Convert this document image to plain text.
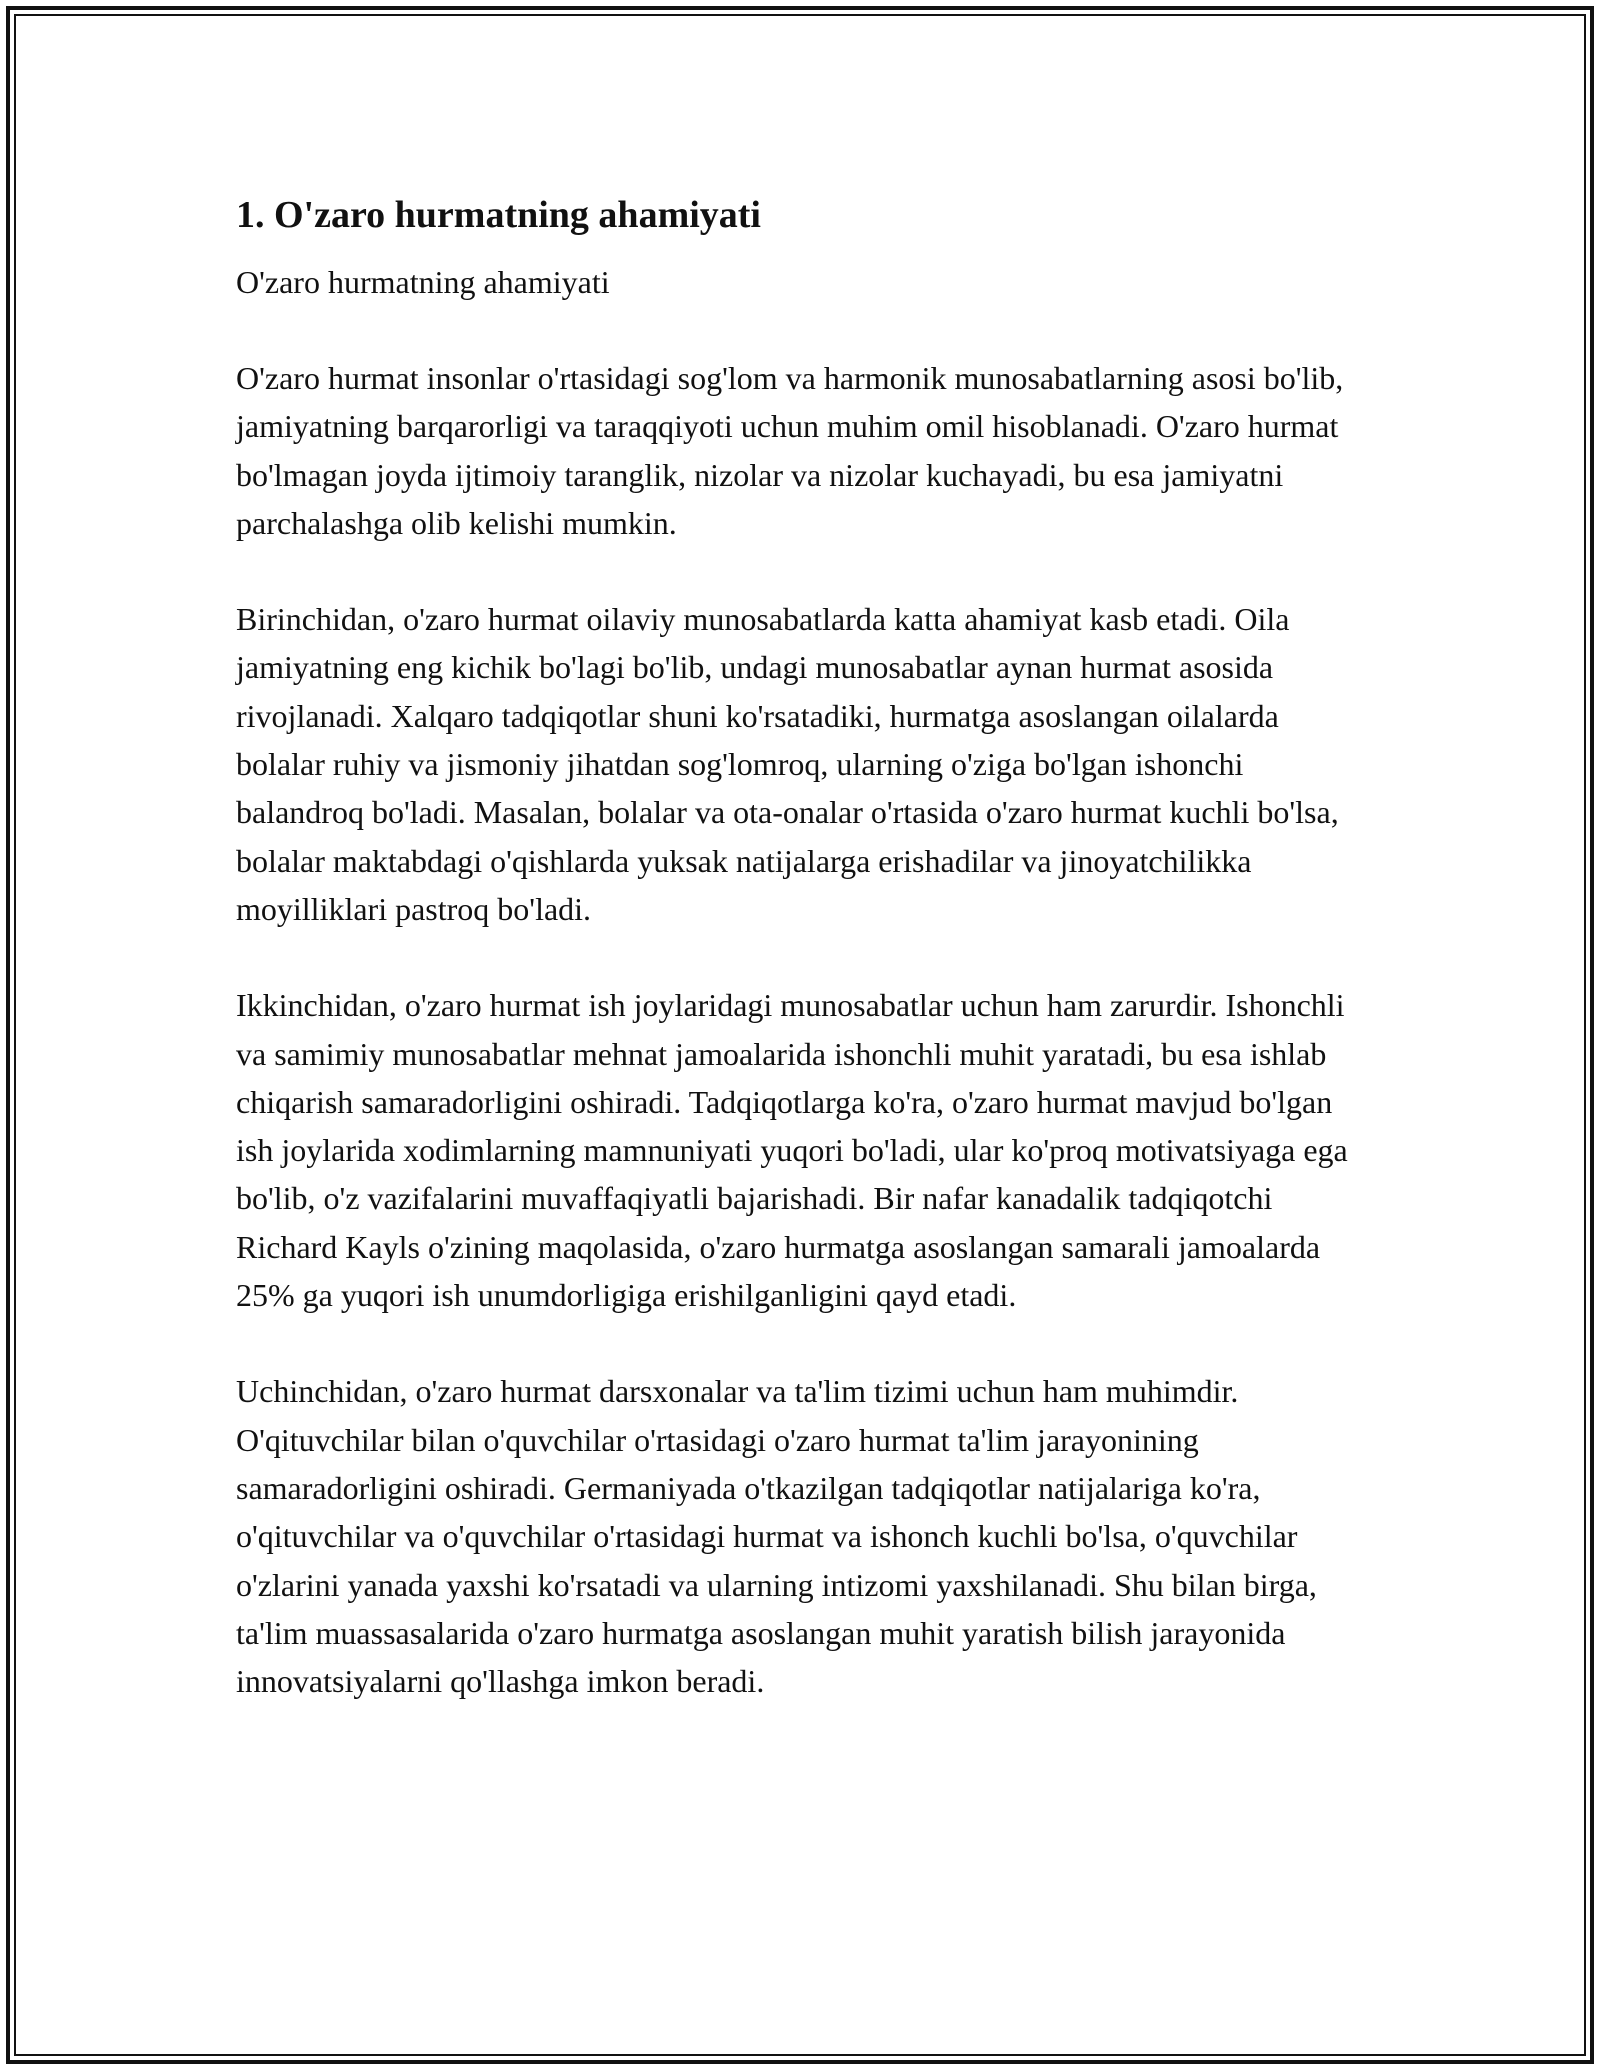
1. O'zaro hurmatning ahamiyati

O'zaro hurmatning ahamiyati

O'zaro hurmat insonlar o'rtasidagi sog'lom va harmonik munosabatlarning asosi bo'lib, jamiyatning barqarorligi va taraqqiyoti uchun muhim omil hisoblanadi. O'zaro hurmat bo'lmagan joyda ijtimoiy taranglik, nizolar va nizolar kuchayadi, bu esa jamiyatni parchalashga olib kelishi mumkin.

Birinchidan, o'zaro hurmat oilaviy munosabatlarda katta ahamiyat kasb etadi. Oila jamiyatning eng kichik bo'lagi bo'lib, undagi munosabatlar aynan hurmat asosida rivojlanadi. Xalqaro tadqiqotlar shuni ko'rsatadiki, hurmatga asoslangan oilalarda bolalar ruhiy va jismoniy jihatdan sog'lomroq, ularning o'ziga bo'lgan ishonchi balandroq bo'ladi. Masalan, bolalar va ota-onalar o'rtasida o'zaro hurmat kuchli bo'lsa, bolalar maktabdagi o'qishlarda yuksak natijalarga erishadilar va jinoyatchilikka moyilliklari pastroq bo'ladi.

Ikkinchidan, o'zaro hurmat ish joylaridagi munosabatlar uchun ham zarurdir. Ishonchli va samimiy munosabatlar mehnat jamoalarida ishonchli muhit yaratadi, bu esa ishlab chiqarish samaradorligini oshiradi. Tadqiqotlarga ko'ra, o'zaro hurmat mavjud bo'lgan ish joylarida xodimlarning mamnuniyati yuqori bo'ladi, ular ko'proq motivatsiyaga ega bo'lib, o'z vazifalarini muvaffaqiyatli bajarishadi. Bir nafar kanadalik tadqiqotchi Richard Kayls o'zining maqolasida, o'zaro hurmatga asoslangan samarali jamoalarda 25% ga yuqori ish unumdorligiga erishilganligini qayd etadi.

Uchinchidan, o'zaro hurmat darsxonalar va ta'lim tizimi uchun ham muhimdir. O'qituvchilar bilan o'quvchilar o'rtasidagi o'zaro hurmat ta'lim jarayonining samaradorligini oshiradi. Germaniyada o'tkazilgan tadqiqotlar natijalariga ko'ra, o'qituvchilar va o'quvchilar o'rtasidagi hurmat va ishonch kuchli bo'lsa, o'quvchilar o'zlarini yanada yaxshi ko'rsatadi va ularning intizomi yaxshilanadi. Shu bilan birga, ta'lim muassasalarida o'zaro hurmatga asoslangan muhit yaratish bilish jarayonida innovatsiyalarni qo'llashga imkon beradi.
